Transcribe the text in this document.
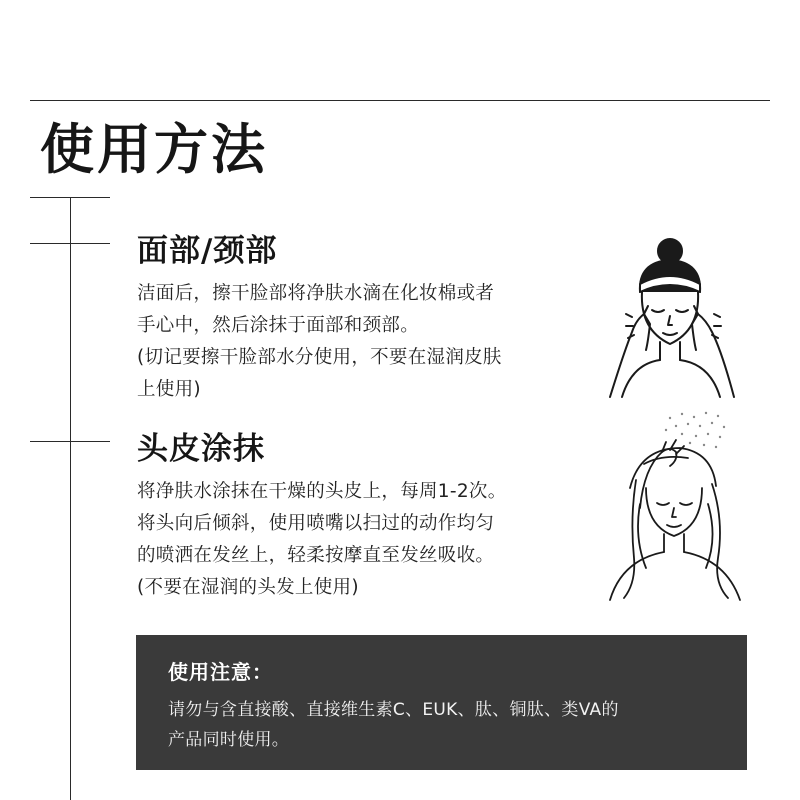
使用方法
面部/颈部
洁面后，擦干脸部将净肤水滴在化妆棉或者
手心中，然后涂抹于面部和颈部。
(切记要擦干脸部水分使用，不要在湿润皮肤
上使用)
头皮涂抹
将净肤水涂抹在干燥的头皮上，每周1-2次。
将头向后倾斜，使用喷嘴以扫过的动作均匀
的喷洒在发丝上，轻柔按摩直至发丝吸收。
(不要在湿润的头发上使用)
使用注意：
请勿与含直接酸、直接维生素C、EUK、肽、铜肽、类VA的
产品同时使用。
